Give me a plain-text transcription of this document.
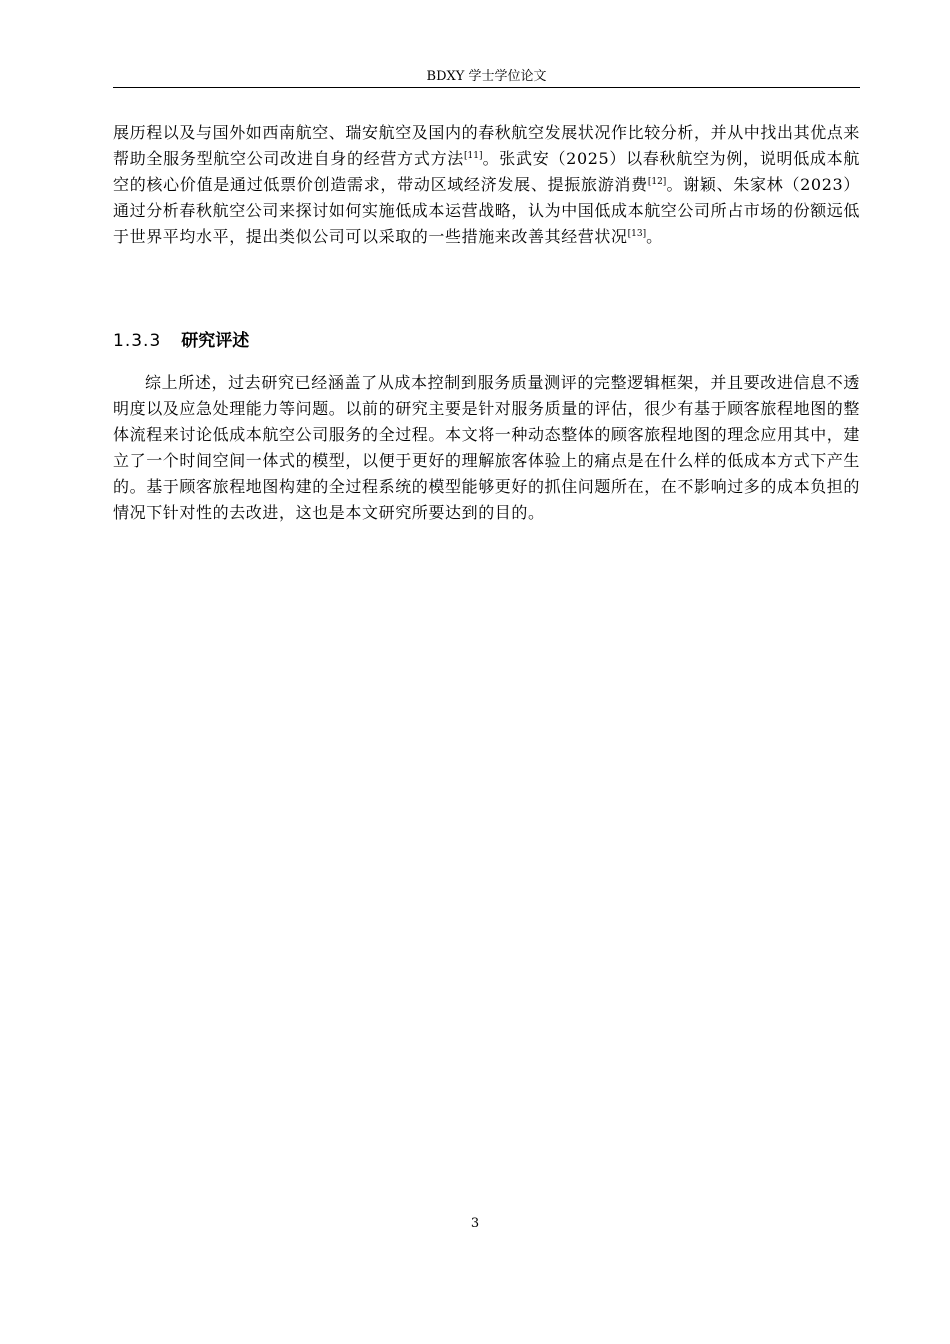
BDXY 学士学位论文

展历程以及与国外如西南航空、瑞安航空及国内的春秋航空发展状况作比较分析，并从中找出其优点来帮助全服务型航空公司改进自身的经营方式方法[11]。张武安（2025）以春秋航空为例，说明低成本航空的核心价值是通过低票价创造需求，带动区域经济发展、提振旅游消费[12]。谢颖、朱家林（2023）通过分析春秋航空公司来探讨如何实施低成本运营战略，认为中国低成本航空公司所占市场的份额远低于世界平均水平，提出类似公司可以采取的一些措施来改善其经营状况[13]。

1.3.3 研究评述

综上所述，过去研究已经涵盖了从成本控制到服务质量测评的完整逻辑框架，并且要改进信息不透明度以及应急处理能力等问题。以前的研究主要是针对服务质量的评估，很少有基于顾客旅程地图的整体流程来讨论低成本航空公司服务的全过程。本文将一种动态整体的顾客旅程地图的理念应用其中，建立了一个时间空间一体式的模型，以便于更好的理解旅客体验上的痛点是在什么样的低成本方式下产生的。基于顾客旅程地图构建的全过程系统的模型能够更好的抓住问题所在，在不影响过多的成本负担的情况下针对性的去改进，这也是本文研究所要达到的目的。

3
